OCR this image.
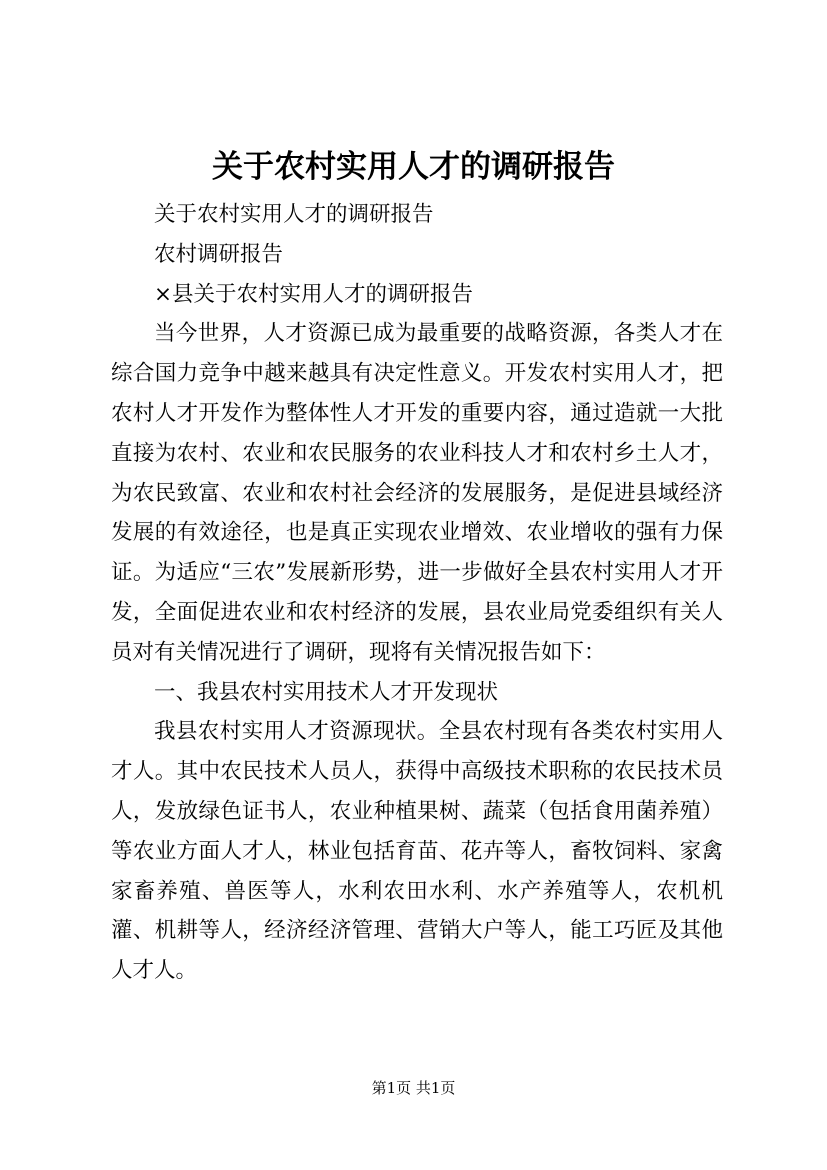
关于农村实用人才的调研报告

关于农村实用人才的调研报告

农村调研报告

×县关于农村实用人才的调研报告

当今世界，人才资源已成为最重要的战略资源，各类人才在综合国力竞争中越来越具有决定性意义。开发农村实用人才，把农村人才开发作为整体性人才开发的重要内容，通过造就一大批直接为农村、农业和农民服务的农业科技人才和农村乡土人才，为农民致富、农业和农村社会经济的发展服务，是促进县域经济发展的有效途径，也是真正实现农业增效、农业增收的强有力保证。为适应“三农”发展新形势，进一步做好全县农村实用人才开发，全面促进农业和农村经济的发展，县农业局党委组织有关人员对有关情况进行了调研，现将有关情况报告如下：

一、我县农村实用技术人才开发现状

我县农村实用人才资源现状。全县农村现有各类农村实用人才人。其中农民技术人员人，获得中高级技术职称的农民技术员人，发放绿色证书人，农业种植果树、蔬菜（包括食用菌养殖）等农业方面人才人，林业包括育苗、花卉等人，畜牧饲料、家禽家畜养殖、兽医等人，水利农田水利、水产养殖等人，农机机灌、机耕等人，经济经济管理、营销大户等人，能工巧匠及其他人才人。

第1页 共1页
